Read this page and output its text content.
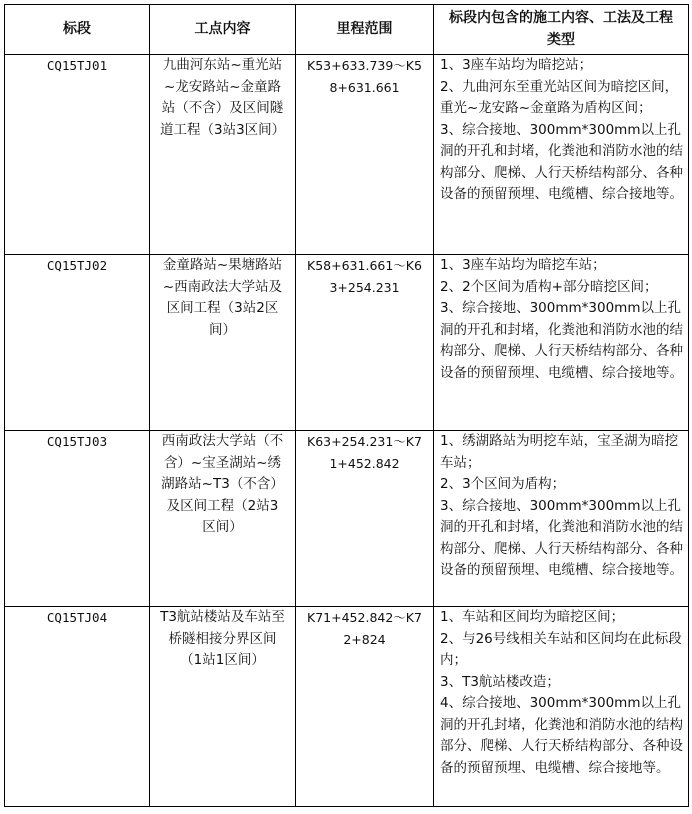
标段	工点内容	里程范围	标段内包含的施工内容、工法及工程类型
CQ15TJ01	九曲河东站~重光站~龙安路站~金童路站（不含）及区间隧道工程（3站3区间）	K53+633.739～K58+631.661	1、3座车站均为暗挖站；
2、九曲河东至重光站区间为暗挖区间，重光~龙安路~金童路为盾构区间；
3、综合接地、300mm*300mm以上孔洞的开孔和封堵，化粪池和消防水池的结构部分、爬梯、人行天桥结构部分、各种设备的预留预埋、电缆槽、综合接地等。

CQ15TJ02	金童路站~果塘路站~西南政法大学站及区间工程（3站2区间）	K58+631.661～K63+254.231	1、3座车站均为暗挖车站；
2、2个区间为盾构+部分暗挖区间；
3、综合接地、300mm*300mm以上孔洞的开孔和封堵，化粪池和消防水池的结构部分、爬梯、人行天桥结构部分、各种设备的预留预埋、电缆槽、综合接地等。

CQ15TJ03	西南政法大学站（不含）~宝圣湖站~绣湖路站~T3（不含）及区间工程（2站3区间）	K63+254.231～K71+452.842	1、绣湖路站为明挖车站，宝圣湖为暗挖车站；
2、3个区间为盾构；
3、综合接地、300mm*300mm以上孔洞的开孔和封堵，化粪池和消防水池的结构部分、爬梯、人行天桥结构部分、各种设备的预留预埋、电缆槽、综合接地等。

CQ15TJ04	T3航站楼站及车站至桥隧相接分界区间（1站1区间）	K71+452.842～K72+824	1、车站和区间均为暗挖区间；
2、与26号线相关车站和区间均在此标段内；
3、T3航站楼改造；
4、综合接地、300mm*300mm以上孔洞的开孔封堵，化粪池和消防水池的结构部分、爬梯、人行天桥结构部分、各种设备的预留预埋、电缆槽、综合接地等。
